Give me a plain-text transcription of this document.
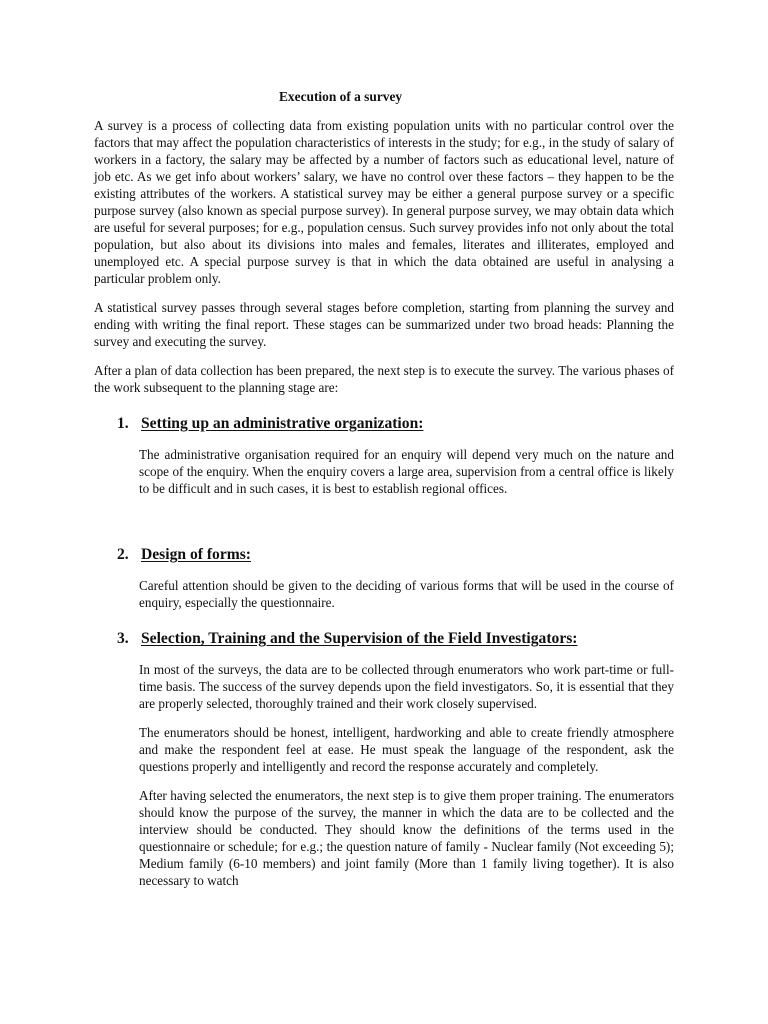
Execution of a survey

A survey is a process of collecting data from existing population units with no particular control over the factors that may affect the population characteristics of interests in the study; for e.g., in the study of salary of workers in a factory, the salary may be affected by a number of factors such as educational level, nature of job etc. As we get info about workers’ salary, we have no control over these factors – they happen to be the existing attributes of the workers. A statistical survey may be either a general purpose survey or a specific purpose survey (also known as special purpose survey). In general purpose survey, we may obtain data which are useful for several purposes; for e.g., population census. Such survey provides info not only about the total population, but also about its divisions into males and females, literates and illiterates, employed and unemployed etc. A special purpose survey is that in which the data obtained are useful in analysing a particular problem only.

A statistical survey passes through several stages before completion, starting from planning the survey and ending with writing the final report. These stages can be summarized under two broad heads: Planning the survey and executing the survey.

After a plan of data collection has been prepared, the next step is to execute the survey. The various phases of the work subsequent to the planning stage are:

1. Setting up an administrative organization:

The administrative organisation required for an enquiry will depend very much on the nature and scope of the enquiry. When the enquiry covers a large area, supervision from a central office is likely to be difficult and in such cases, it is best to establish regional offices.

2. Design of forms:

Careful attention should be given to the deciding of various forms that will be used in the course of enquiry, especially the questionnaire.

3. Selection, Training and the Supervision of the Field Investigators:

In most of the surveys, the data are to be collected through enumerators who work part-time or full-time basis. The success of the survey depends upon the field investigators. So, it is essential that they are properly selected, thoroughly trained and their work closely supervised.

The enumerators should be honest, intelligent, hardworking and able to create friendly atmosphere and make the respondent feel at ease. He must speak the language of the respondent, ask the questions properly and intelligently and record the response accurately and completely.

After having selected the enumerators, the next step is to give them proper training. The enumerators should know the purpose of the survey, the manner in which the data are to be collected and the interview should be conducted. They should know the definitions of the terms used in the questionnaire or schedule; for e.g.; the question nature of family - Nuclear family (Not exceeding 5); Medium family (6-10 members) and joint family (More than 1 family living together). It is also necessary to watch
